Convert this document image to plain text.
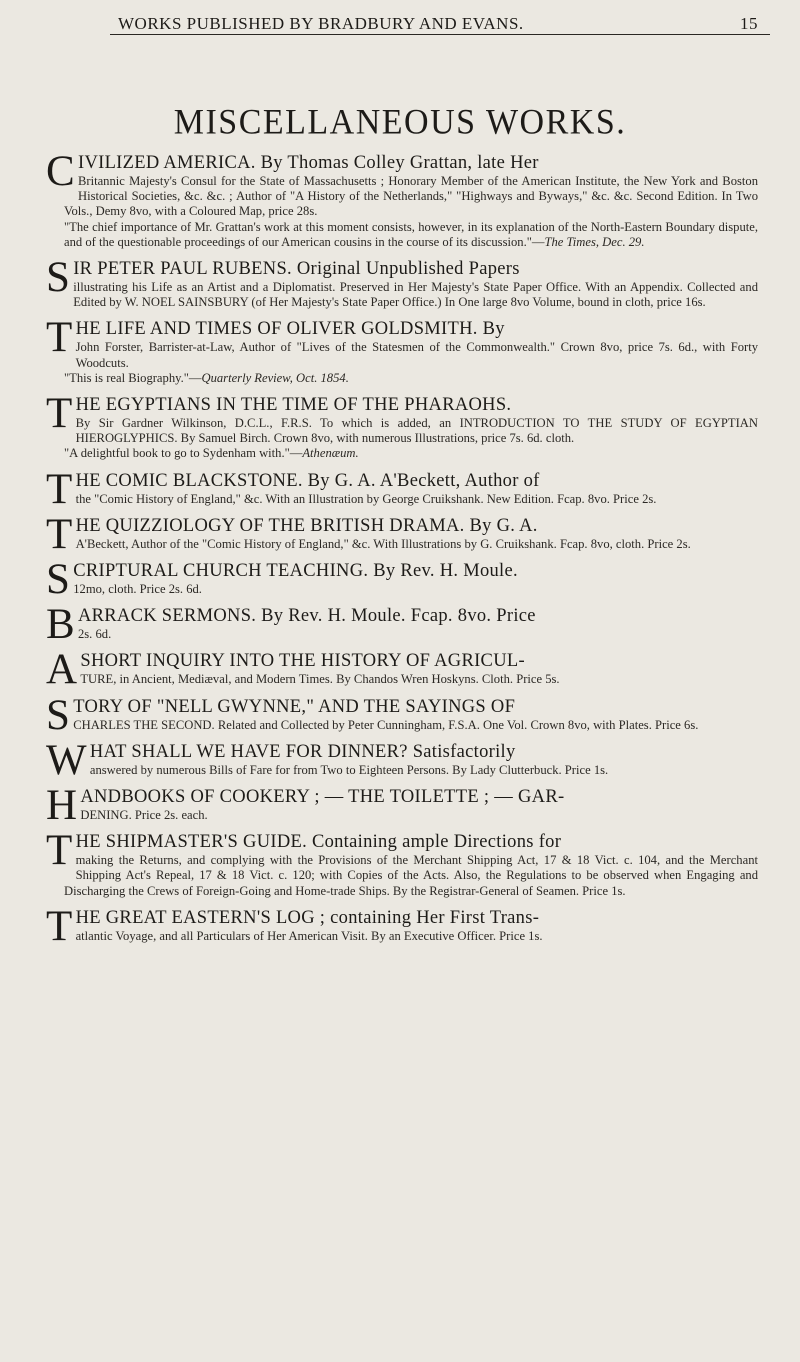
WORKS PUBLISHED BY BRADBURY AND EVANS.	15
MISCELLANEOUS WORKS.

CIVILIZED AMERICA. By Thomas Colley Grattan, late Her

Britannic Majesty's Consul for the State of Massachusetts ; Honorary Member of the American Institute, the New York and Boston Historical Societies, &c. &c. ; Author of "A History of the Netherlands," "Highways and Byways," &c. &c. Second Edition. In Two Vols., Demy 8vo, with a Coloured Map, price 28s.

"The chief importance of Mr. Grattan's work at this moment consists, however, in its explanation of the North-Eastern Boundary dispute, and of the questionable proceedings of our American cousins in the course of its discussion."—The Times, Dec. 29.

SIR PETER PAUL RUBENS. Original Unpublished Papers

illustrating his Life as an Artist and a Diplomatist. Preserved in Her Majesty's State Paper Office. With an Appendix. Collected and Edited by W. NOEL SAINSBURY (of Her Majesty's State Paper Office.) In One large 8vo Volume, bound in cloth, price 16s.

THE LIFE AND TIMES OF OLIVER GOLDSMITH. By

John Forster, Barrister-at-Law, Author of "Lives of the Statesmen of the Commonwealth." Crown 8vo, price 7s. 6d., with Forty Woodcuts.

"This is real Biography."—Quarterly Review, Oct. 1854.

THE EGYPTIANS IN THE TIME OF THE PHARAOHS.

By Sir Gardner Wilkinson, D.C.L., F.R.S. To which is added, an INTRODUCTION TO THE STUDY OF EGYPTIAN HIEROGLYPHICS. By Samuel Birch. Crown 8vo, with numerous Illustrations, price 7s. 6d. cloth.

"A delightful book to go to Sydenham with."—Athenæum.

THE COMIC BLACKSTONE. By G. A. A'Beckett, Author of

the "Comic History of England," &c. With an Illustration by George Cruikshank. New Edition. Fcap. 8vo. Price 2s.

THE QUIZZIOLOGY OF THE BRITISH DRAMA. By G. A.

A'Beckett, Author of the "Comic History of England," &c. With Illustrations by G. Cruikshank. Fcap. 8vo, cloth. Price 2s.

SCRIPTURAL CHURCH TEACHING. By Rev. H. Moule.

12mo, cloth. Price 2s. 6d.

BARRACK SERMONS. By Rev. H. Moule. Fcap. 8vo. Price

2s. 6d.

A SHORT INQUIRY INTO THE HISTORY OF AGRICUL-

TURE, in Ancient, Mediæval, and Modern Times. By Chandos Wren Hoskyns. Cloth. Price 5s.

STORY OF "NELL GWYNNE," AND THE SAYINGS OF

CHARLES THE SECOND. Related and Collected by Peter Cunningham, F.S.A. One Vol. Crown 8vo, with Plates. Price 6s.

WHAT SHALL WE HAVE FOR DINNER? Satisfactorily

answered by numerous Bills of Fare for from Two to Eighteen Persons. By Lady Clutterbuck. Price 1s.

HANDBOOKS OF COOKERY ; — THE TOILETTE ; — GAR-

DENING. Price 2s. each.

THE SHIPMASTER'S GUIDE. Containing ample Directions for

making the Returns, and complying with the Provisions of the Merchant Shipping Act, 17 & 18 Vict. c. 104, and the Merchant Shipping Act's Repeal, 17 & 18 Vict. c. 120; with Copies of the Acts. Also, the Regulations to be observed when Engaging and Discharging the Crews of Foreign-Going and Home-trade Ships. By the Registrar-General of Seamen. Price 1s.

THE GREAT EASTERN'S LOG ; containing Her First Trans-

atlantic Voyage, and all Particulars of Her American Visit. By an Executive Officer. Price 1s.
